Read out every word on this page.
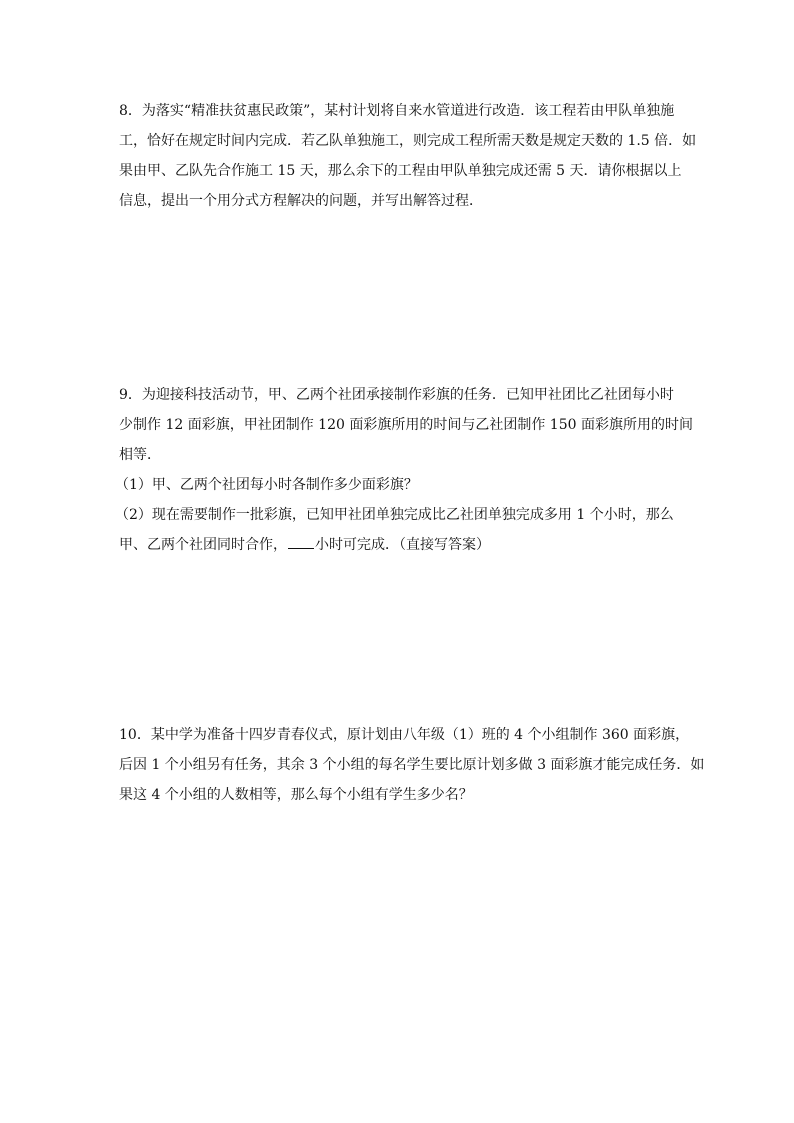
8．为落实“精准扶贫惠民政策”，某村计划将自来水管道进行改造．该工程若由甲队单独施

工，恰好在规定时间内完成．若乙队单独施工，则完成工程所需天数是规定天数的 1.5 倍．如

果由甲、乙队先合作施工 15 天，那么余下的工程由甲队单独完成还需 5 天．请你根据以上

信息，提出一个用分式方程解决的问题，并写出解答过程．

9．为迎接科技活动节，甲、乙两个社团承接制作彩旗的任务．已知甲社团比乙社团每小时

少制作 12 面彩旗，甲社团制作 120 面彩旗所用的时间与乙社团制作 150 面彩旗所用的时间

相等．

（1）甲、乙两个社团每小时各制作多少面彩旗？

（2）现在需要制作一批彩旗，已知甲社团单独完成比乙社团单独完成多用 1 个小时，那么

甲、乙两个社团同时合作， 小时可完成．（直接写答案）

10．某中学为准备十四岁青春仪式，原计划由八年级（1）班的 4 个小组制作 360 面彩旗，

后因 1 个小组另有任务，其余 3 个小组的每名学生要比原计划多做 3 面彩旗才能完成任务．如

果这 4 个小组的人数相等，那么每个小组有学生多少名？
